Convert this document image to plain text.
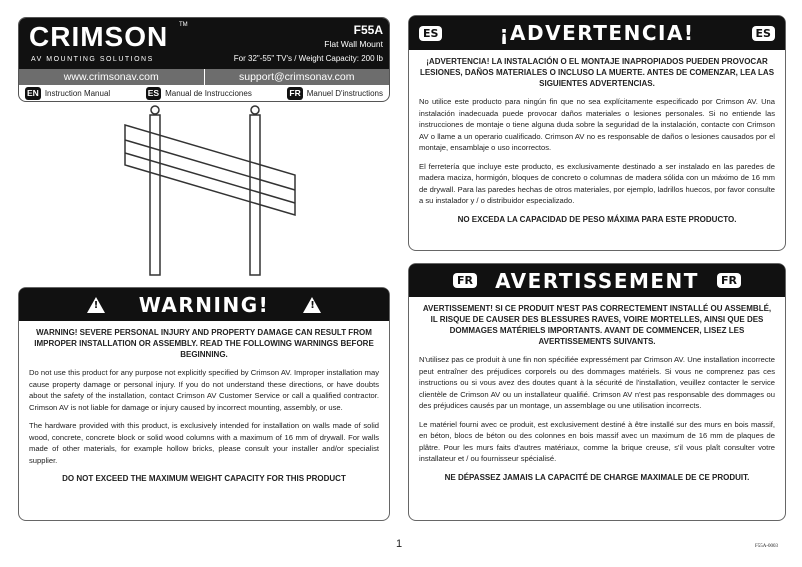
CRIMSON TM
AV MOUNTING SOLUTIONS
F55A
Flat Wall Mount
For 32"-55" TV's / Weight Capacity: 200 lb
www.crimsonav.com	support@crimsonav.com
EN Instruction Manual	ES Manual de Instrucciones	FR Manuel D'instructions
! WARNING!	!
WARNING! SEVERE PERSONAL INJURY AND PROPERTY DAMAGE CAN RESULT FROM IMPROPER INSTALLATION OR ASSEMBLY. READ THE FOLLOWING WARNINGS BEFORE BEGINNING.
Do not use this product for any purpose not explicitly specified by Crimson AV. Improper installation may cause property damage or personal injury. If you do not understand these directions, or have doubts about the safety of the installation, contact Crimson AV Customer Service or call a qualified contractor. Crimson AV is not liable for damage or injury caused by incorrect mounting, assembly, or use.
The hardware provided with this product, is exclusively intended for installation on walls made of solid wood, concrete, concrete block or solid wood columns with a maximum of 16 mm of drywall. For walls made of other materials, for example hollow bricks, please consult your installer and/or specialist supplier.
DO NOT EXCEED THE MAXIMUM WEIGHT CAPACITY FOR THIS PRODUCT
ES	¡ADVERTENCIA!	ES
¡ADVERTENCIA! LA INSTALACIÓN O EL MONTAJE INAPROPIADOS PUEDEN PROVOCAR LESIONES, DAÑOS MATERIALES O INCLUSO LA MUERTE. ANTES DE COMENZAR, LEA LAS SIGUIENTES ADVERTENCIAS.
No utilice este producto para ningún fin que no sea explícitamente especificado por Crimson AV. Una instalación inadecuada puede provocar daños materiales o lesiones personales. Si no entiende las instrucciones de montaje o tiene alguna duda sobre la seguridad de la instalación, contacte con Crimson AV o llame a un operario cualificado. Crimson AV no es responsable de daños o lesiones causados por el montaje, ensamblaje o uso incorrectos.
El ferretería que incluye este producto, es exclusivamente destinado a ser instalado en las paredes de madera maciza, hormigón, bloques de concreto o columnas de madera sólida con un máximo de 16 mm de drywall. Para las paredes hechas de otros materiales, por ejemplo, ladrillos huecos, por favor consulte a su instalador y / o distribuidor especializado.
NO EXCEDA LA CAPACIDAD DE PESO MÁXIMA PARA ESTE PRODUCTO.
FR AVERTISSEMENT	FR
AVERTISSEMENT! SI CE PRODUIT N'EST PAS CORRECTEMENT INSTALLÉ OU ASSEMBLÉ, IL RISQUE DE CAUSER DES BLESSURES RAVES, VOIRE MORTELLES, AINSI QUE DES DOMMAGES MATÉRIELS IMPORTANTS. AVANT DE COMMENCER, LISEZ LES AVERTISSEMENTS SUIVANTS.
N'utilisez pas ce produit à une fin non spécifiée expressément par Crimson AV. Une installation incorrecte peut entraîner des préjudices corporels ou des dommages matériels. Si vous ne comprenez pas ces instructions ou si vous avez des doutes quant à la sécurité de l'installation, veuillez contacter le service clientèle de Crimson AV ou un installateur qualifié. Crimson AV n'est pas responsable des dommages ou des préjudices causés par un montage, un assemblage ou une utilisation incorrects.
Le matériel fourni avec ce produit, est exclusivement destiné à être installé sur des murs en bois massif, en béton, blocs de béton ou des colonnes en bois massif avec un maximum de 16 mm de plaques de plâtre. Pour les murs faits d'autres matériaux, comme la brique creuse, s'il vous plaît consulter votre installateur et / ou fournisseur spécialisé.
NE DÉPASSEZ JAMAIS LA CAPACITÉ DE CHARGE MAXIMALE DE CE PRODUIT.
1	F55A-0003
